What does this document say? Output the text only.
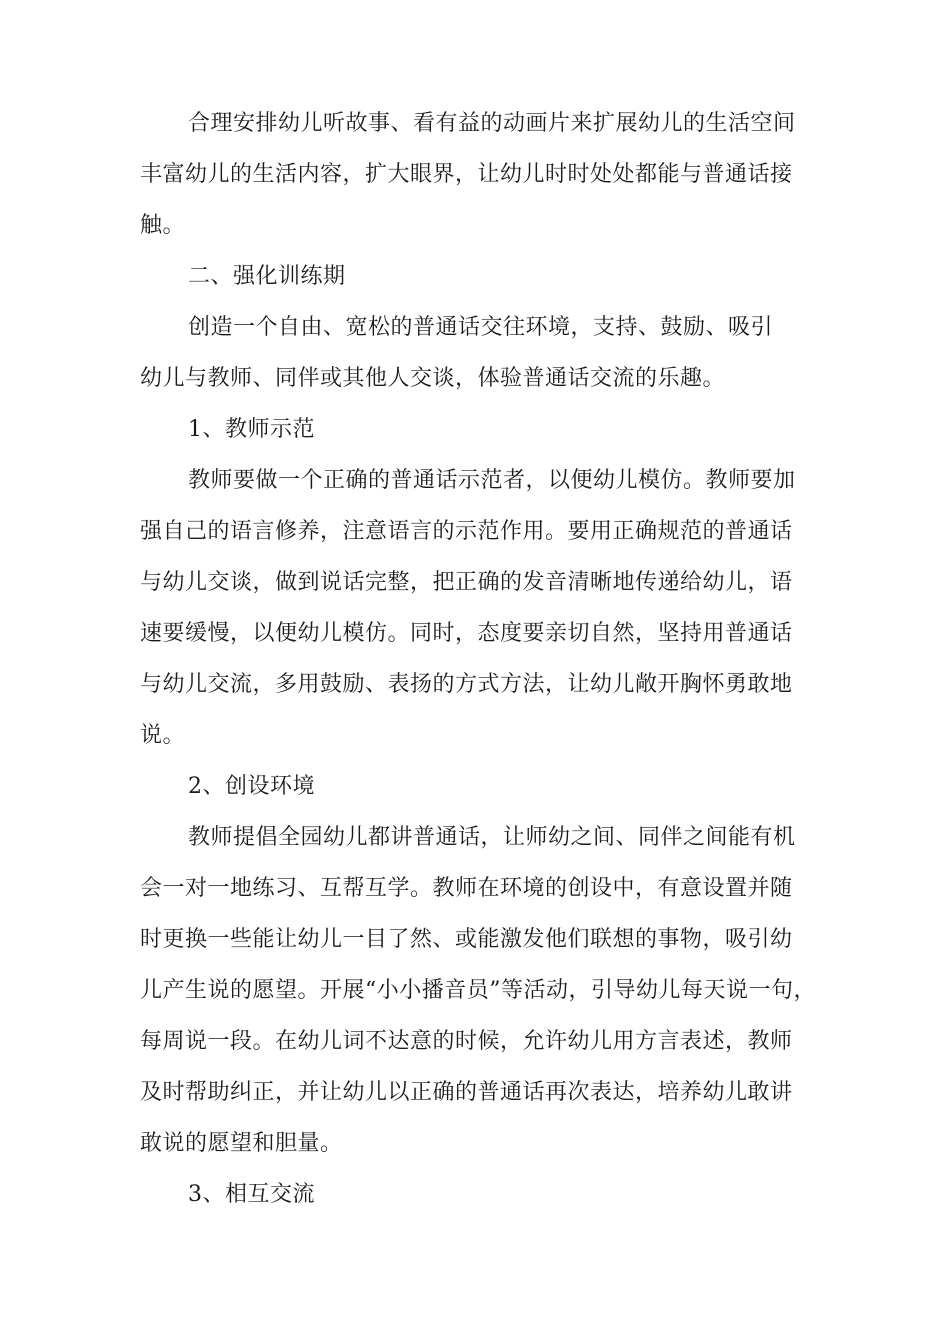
合理安排幼儿听故事、看有益的动画片来扩展幼儿的生活空间
丰富幼儿的生活内容，扩大眼界，让幼儿时时处处都能与普通话接
触。
二、强化训练期
创造一个自由、宽松的普通话交往环境，支持、鼓励、吸引
幼儿与教师、同伴或其他人交谈，体验普通话交流的乐趣。
1、教师示范
教师要做一个正确的普通话示范者，以便幼儿模仿。教师要加
强自己的语言修养，注意语言的示范作用。要用正确规范的普通话
与幼儿交谈，做到说话完整，把正确的发音清晰地传递给幼儿，语
速要缓慢，以便幼儿模仿。同时，态度要亲切自然，坚持用普通话
与幼儿交流，多用鼓励、表扬的方式方法，让幼儿敞开胸怀勇敢地
说。
2、创设环境
教师提倡全园幼儿都讲普通话，让师幼之间、同伴之间能有机
会一对一地练习、互帮互学。教师在环境的创设中，有意设置并随
时更换一些能让幼儿一目了然、或能激发他们联想的事物，吸引幼
儿产生说的愿望。开展“小小播音员”等活动，引导幼儿每天说一句，
每周说一段。在幼儿词不达意的时候，允许幼儿用方言表述，教师
及时帮助纠正，并让幼儿以正确的普通话再次表达，培养幼儿敢讲
敢说的愿望和胆量。
3、相互交流
